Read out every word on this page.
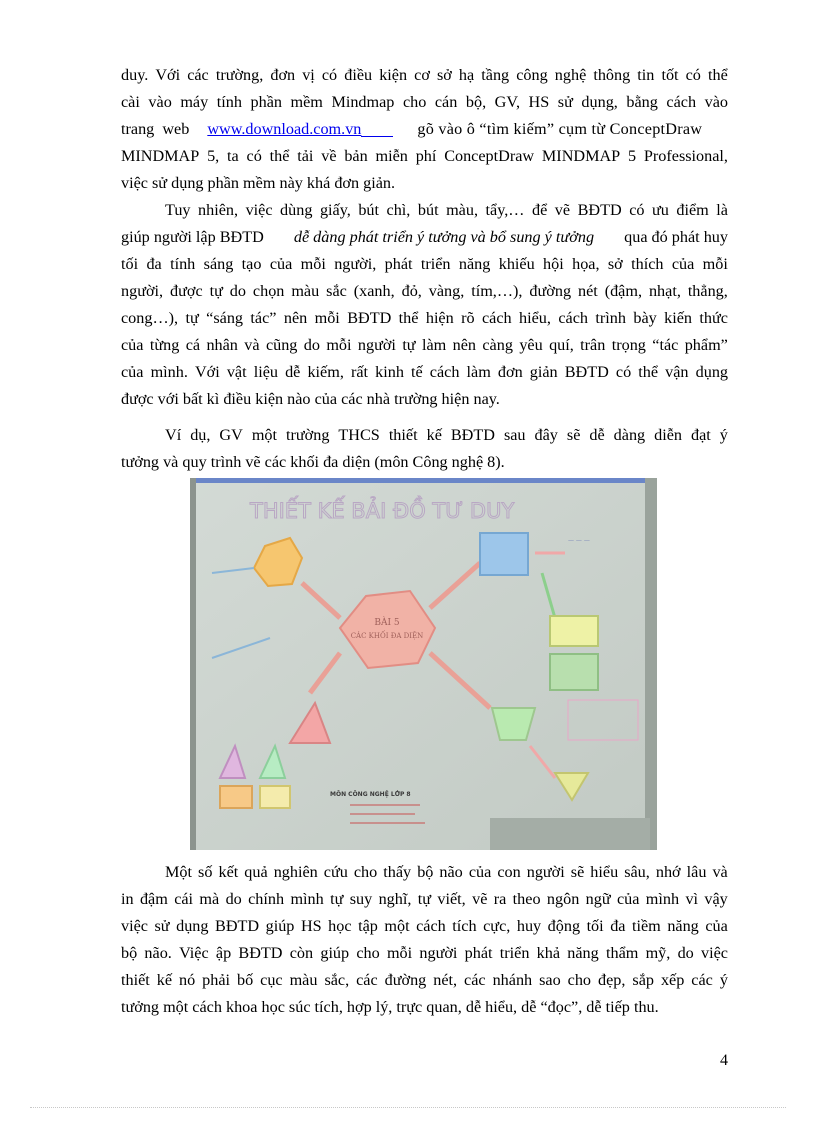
duy. Với các trường, đơn vị có điều kiện cơ sở hạ tầng công nghệ thông tin tốt có thể
cài vào máy tính phần mềm Mindmap cho cán bộ, GV, HS sử dụng, bằng cách vào
trang  web www.download.com.vn	gõ vào ô “tìm kiếm” cụm từ ConceptDraw
MINDMAP 5, ta có thể tải về bản miễn phí ConceptDraw MINDMAP 5 Professional,
việc sử dụng phần mềm này khá đơn giản.
Tuy nhiên, việc dùng giấy, bút chì, bút màu, tẩy,… để vẽ BĐTD có ưu điểm là
giúp người lập BĐTD dễ dàng phát triển ý tưởng và bổ sung ý tưởng qua đó phát huy
tối đa tính sáng tạo của mỗi người, phát triển năng khiếu hội họa, sở thích của mỗi
người, được tự do chọn màu sắc (xanh, đỏ, vàng, tím,…), đường nét (đậm, nhạt, thẳng,
cong…), tự “sáng tác” nên mỗi BĐTD thể hiện rõ cách hiểu, cách trình bày kiến thức
của từng cá nhân và cũng do mỗi người tự làm nên càng yêu quí, trân trọng “tác phẩm”
của mình. Với vật liệu dễ kiếm, rất kinh tế cách làm đơn giản BĐTD có thể vận dụng
được với bất kì điều kiện nào của các nhà trường hiện nay.
Ví dụ, GV một trường THCS thiết kế BĐTD sau đây sẽ dễ dàng diễn đạt ý
tưởng và quy trình vẽ các khối đa diện (môn Công nghệ 8).
THIẾT KẾ BẢI ĐỒ TƯ DUY
BÀI 5
CÁC KHỐI ĐA DIỆN
— — —
MÔN CÔNG NGHỆ LỚP 8
Một số kết quả nghiên cứu cho thấy bộ não của con người sẽ hiểu sâu, nhớ lâu và
in đậm cái mà do chính mình tự suy nghĩ, tự viết, vẽ ra theo ngôn ngữ của mình vì vậy
việc sử dụng BĐTD giúp HS học tập một cách tích cực, huy động tối đa tiềm năng của
bộ não. Việc ập BĐTD còn giúp cho mỗi người phát triển khả năng thẩm mỹ, do việc
thiết kế nó phải bố cục màu sắc, các đường nét, các nhánh sao cho đẹp, sắp xếp các ý
tưởng một cách khoa học súc tích, hợp lý, trực quan, dễ hiểu, dễ “đọc”, dễ tiếp thu.
4
